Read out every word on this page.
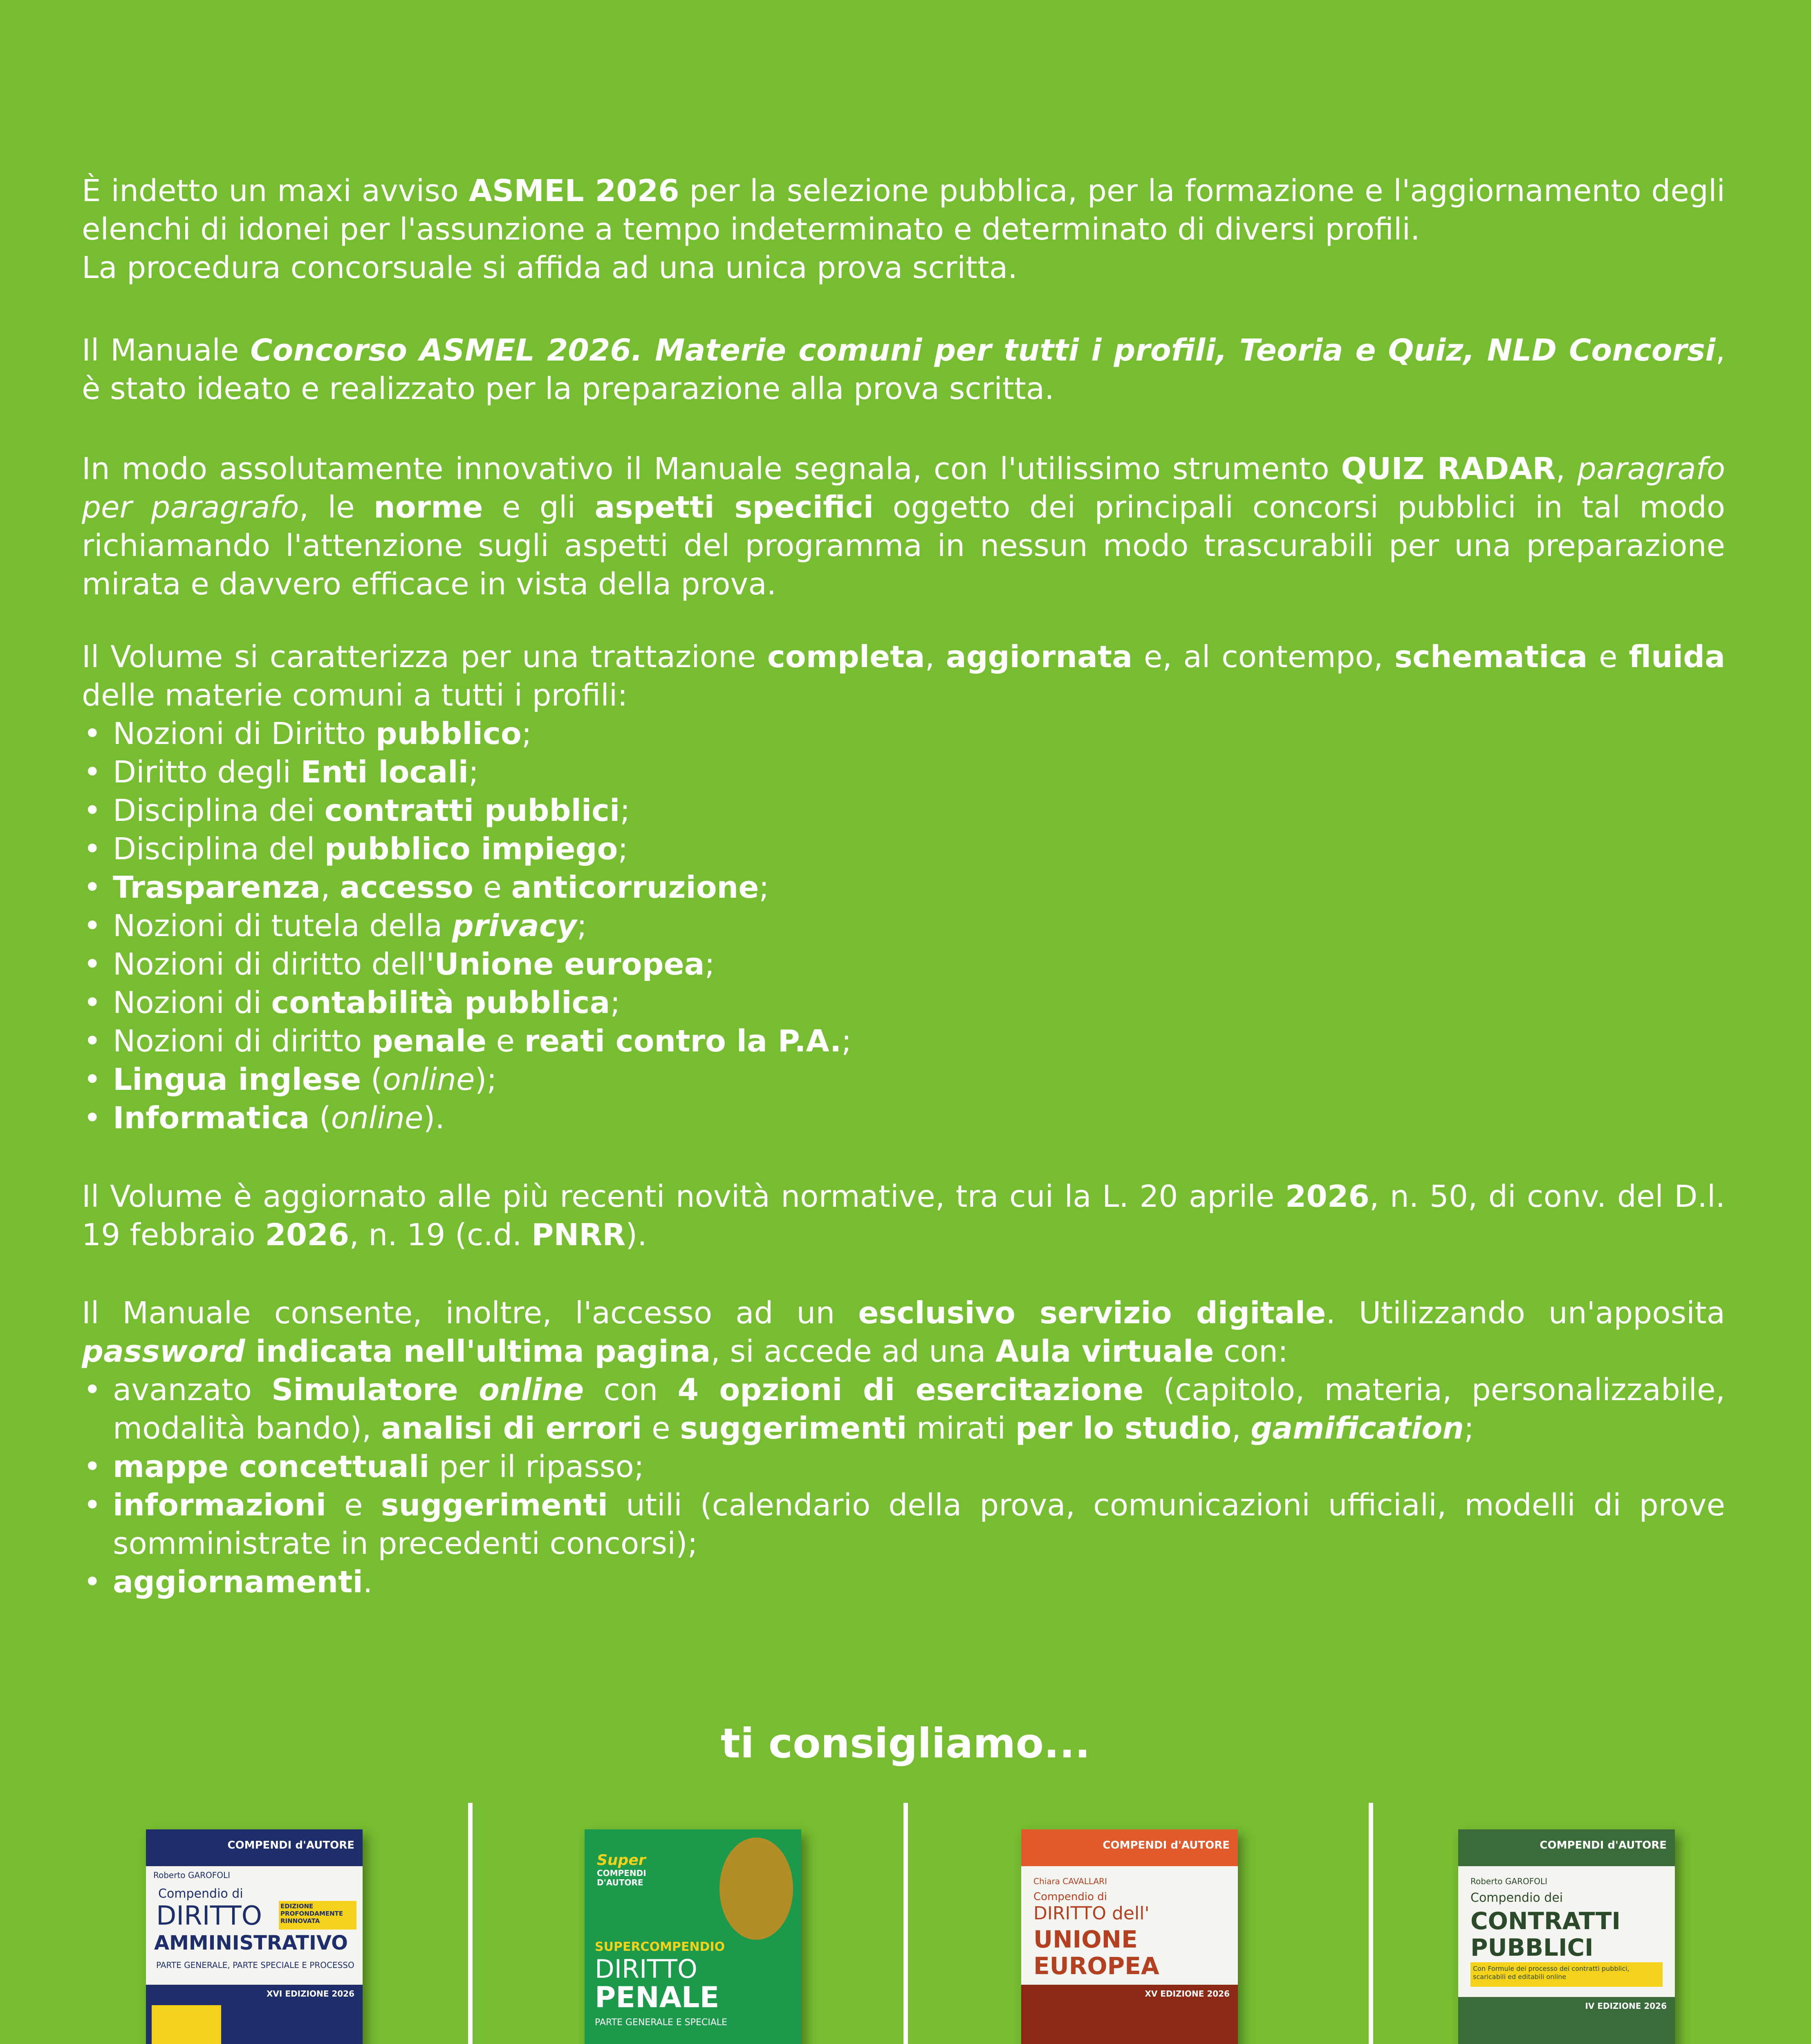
È indetto un maxi avviso ASMEL 2026 per la selezione pubblica, per la formazione e l'aggiornamento degli elenchi di idonei per l'assunzione a tempo indeterminato e determinato di diversi profili.
La procedura concorsuale si affida ad una unica prova scritta.

Il Manuale Concorso ASMEL 2026. Materie comuni per tutti i profili, Teoria e Quiz, NLD Concorsi, è stato ideato e realizzato per la preparazione alla prova scritta.

In modo assolutamente innovativo il Manuale segnala, con l'utilissimo strumento QUIZ RADAR, paragrafo per paragrafo, le norme e gli aspetti specifici oggetto dei principali concorsi pubblici in tal modo richiamando l'attenzione sugli aspetti del programma in nessun modo trascurabili per una preparazione mirata e davvero efficace in vista della prova.

Il Volume si caratterizza per una trattazione completa, aggiornata e, al contempo, schematica e fluida delle materie comuni a tutti i profili:

• Nozioni di Diritto pubblico;
• Diritto degli Enti locali;
• Disciplina dei contratti pubblici;
• Disciplina del pubblico impiego;
• Trasparenza, accesso e anticorruzione;
• Nozioni di tutela della privacy;
• Nozioni di diritto dell'Unione europea;
• Nozioni di contabilità pubblica;
• Nozioni di diritto penale e reati contro la P.A.;
• Lingua inglese (online);
• Informatica (online).

Il Volume è aggiornato alle più recenti novità normative, tra cui la L. 20 aprile 2026, n. 50, di conv. del D.l. 19 febbraio 2026, n. 19 (c.d. PNRR).

Il Manuale consente, inoltre, l'accesso ad un esclusivo servizio digitale. Utilizzando un'apposita password indicata nell'ultima pagina, si accede ad una Aula virtuale con:

• avanzato Simulatore online con 4 opzioni di esercitazione (capitolo, materia, personalizzabile, modalità bando), analisi di errori e suggerimenti mirati per lo studio, gamification;
• mappe concettuali per il ripasso;
• informazioni e suggerimenti utili (calendario della prova, comunicazioni ufficiali, modelli di prove somministrate in precedenti concorsi);
• aggiornamenti.
ti consigliamo...
COMPENDI d'AUTORE
Roberto GAROFOLI
Compendio di
EDIZIONE PROFONDAMENTE RINNOVATA
DIRITTO
AMMINISTRATIVO
PARTE GENERALE, PARTE SPECIALE E PROCESSO
XVI EDIZIONE 2026
Super
COMPENDI
D'AUTORE
SUPERCOMPENDIO
DIRITTO
PENALE
PARTE GENERALE E SPECIALE
COMPENDI d'AUTORE
Chiara CAVALLARI
Compendio di
DIRITTO dell'
UNIONE
EUROPEA
XV EDIZIONE 2026
COMPENDI d'AUTORE
Roberto GAROFOLI
Compendio dei
CONTRATTI
PUBBLICI
Con Formule dei processo dei contratti pubblici, scaricabili ed editabili online
IV EDIZIONE 2026
